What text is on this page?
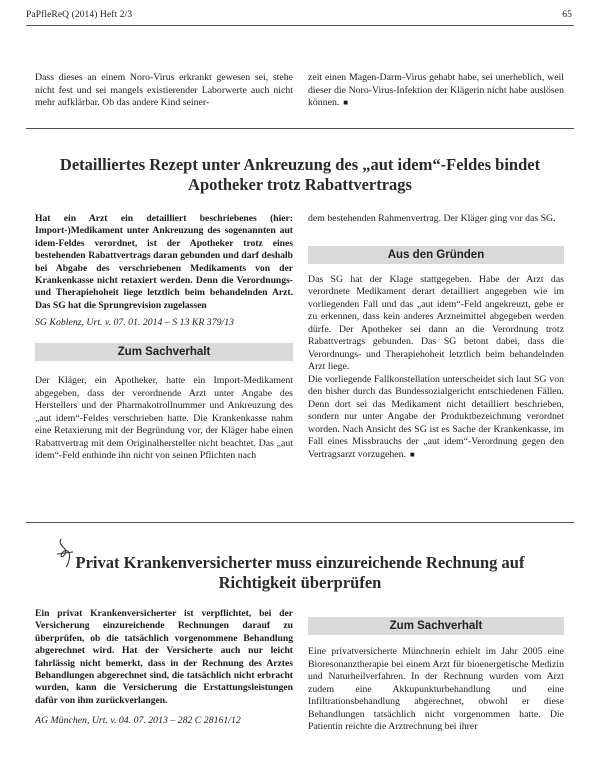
PaPfleReQ (2014) Heft 2/3	65

Dass dieses an einem Noro-Virus erkrankt gewesen sei, stehe nicht fest und sei mangels existierender Laborwerte auch nicht mehr aufklärbar. Ob das andere Kind seiner-

zeit einen Magen-Darm-Virus gehabt habe, sei unerheblich, weil dieser die Noro-Virus-Infektion der Klägerin nicht habe auslösen können. ■

Detailliertes Rezept unter Ankreuzung des „aut idem“-Feldes bindet Apotheker trotz Rabattvertrags
Hat ein Arzt ein detailliert beschriebenes (hier: Import-)Medikament unter Ankreuzung des sogenannten aut idem-Feldes verordnet, ist der Apotheker trotz eines bestehenden Rabattvertrags daran gebunden und darf deshalb bei Abgabe des verschriebenen Medikaments von der Krankenkasse nicht retaxiert werden. Denn die Verordnungs- und Therapiehoheit liege letztlich beim behandelnden Arzt. Das SG hat die Sprungrevision zugelassen
SG Koblenz, Urt. v. 07. 01. 2014 – S 13 KR 379/13
Zum Sachverhalt
Der Kläger, ein Apotheker, hatte ein Import-Medikament abgegeben, dass der verordnende Arzt unter Angabe des Herstellers und der Pharmakotrollnummer und Ankreuzung des „aut idem“-Feldes verschrieben hatte. Die Krankenkasse nahm eine Retaxierung mit der Begründung vor, der Kläger habe einen Rabattvertrag mit dem Originalhersteller nicht beachtet. Das „aut idem“-Feld enthinde ihn nicht von seinen Pflichten nach
dem bestehenden Rahmenvertrag. Der Kläger ging vor das SG.
Aus den Gründen
Das SG hat der Klage stattgegeben. Habe der Arzt das verordnete Medikament derart detailliert angegeben wie im vorliegenden Fall und das „aut idem“-Feld angekreuzt, gebe er zu erkennen, dass kein anderes Arzneimittel abgegeben werden dürfe. Der Apotheker sei dann an die Verordnung trotz Rabattvertrags gebunden. Das SG betont dabei, dass die Verordnungs- und Therapiehoheit letztlich beim behandelnden Arzt liege.
Die vorliegende Fallkonstellation unterscheidet sich laut SG von den bisher durch das Bundessozialgericht entschiedenen Fällen. Denn dort sei das Medikament nicht detailliert beschrieben, sondern nur unter Angabe der Produktbezeichnung verordnet worden. Nach Ansicht des SG ist es Sache der Krankenkasse, im Fall eines Missbrauchs der „aut idem“-Verordnung gegen den Vertragsarzt vorzugehen. ■
Privat Krankenversicherter muss einzureichende Rechnung auf Richtigkeit überprüfen
Ein privat Krankenversicherter ist verpflichtet, bei der Versicherung einzureichende Rechnungen darauf zu überprüfen, ob die tatsächlich vorgenommene Behandlung abgerechnet wird. Hat der Versicherte auch nur leicht fahrlässig nicht bemerkt, dass in der Rechnung des Arztes Behandlungen abgerechnet sind, die tatsächlich nicht erbracht wurden, kann die Versicherung die Erstattungsleistungen dafür von ihm zurückverlangen.
AG München, Urt. v. 04. 07. 2013 – 282 C 28161/12
Zum Sachverhalt
Eine privatversicherte Münchnerin erhielt im Jahr 2005 eine Bioresonanztherapie bei einem Arzt für bioenergetische Medizin und Naturheilverfahren. In der Rechnung wurden vom Arzt zudem eine Akkupunkturbehandlung und eine Infiltrationsbehandlung abgerechnet, obwohl er diese Behandlungen tatsächlich nicht vorgenommen hatte. Die Patientin reichte die Arztrechnung bei ihrer
